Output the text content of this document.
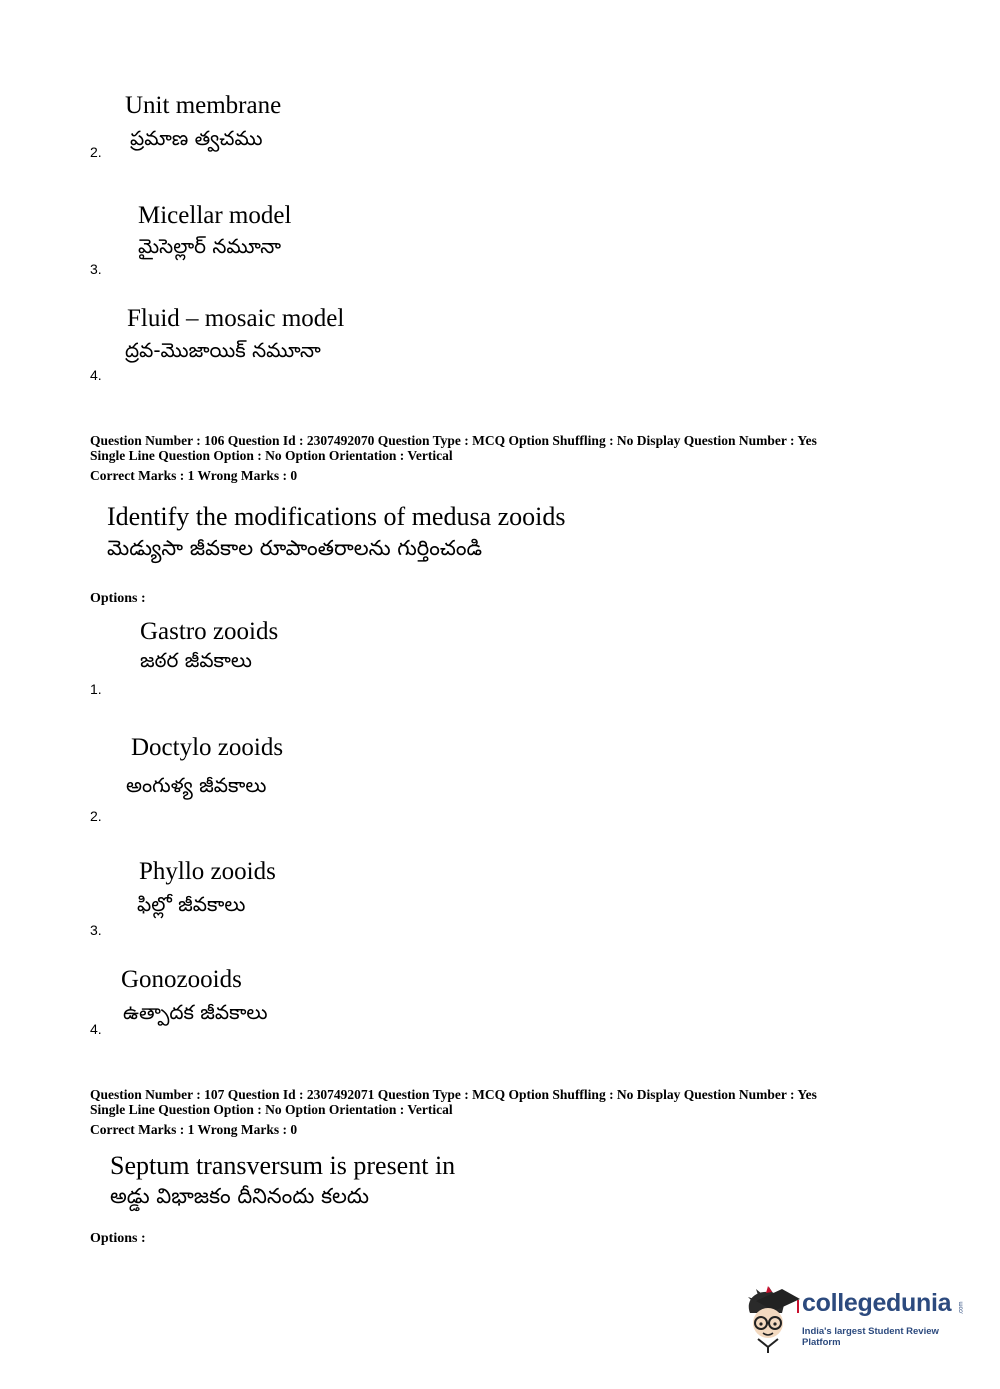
Unit membrane
ప్రమాణ త్వచము
2.
Micellar model
మైసెల్లార్ నమూనా
3.
Fluid – mosaic model
ద్రవ-మొజాయిక్ నమూనా
4.
Question Number : 106 Question Id : 2307492070 Question Type : MCQ Option Shuffling : No Display Question Number : Yes
Single Line Question Option : No Option Orientation : Vertical
Correct Marks : 1 Wrong Marks : 0
Identify the modifications of medusa zooids
మెడ్యుసా జీవకాల రూపాంతరాలను గుర్తించండి
Options :
Gastro zooids
జఠర జీవకాలు
1.
Doctylo zooids
అంగుళ్య జీవకాలు
2.
Phyllo zooids
ఫిల్లో జీవకాలు
3.
Gonozooids
ఉత్పాదక జీవకాలు
4.
Question Number : 107 Question Id : 2307492071 Question Type : MCQ Option Shuffling : No Display Question Number : Yes
Single Line Question Option : No Option Orientation : Vertical
Correct Marks : 1 Wrong Marks : 0
Septum transversum is present in
అడ్డు విభాజకం దీనినందు కలదు
Options :
collegedunia .com
India's largest Student Review Platform
